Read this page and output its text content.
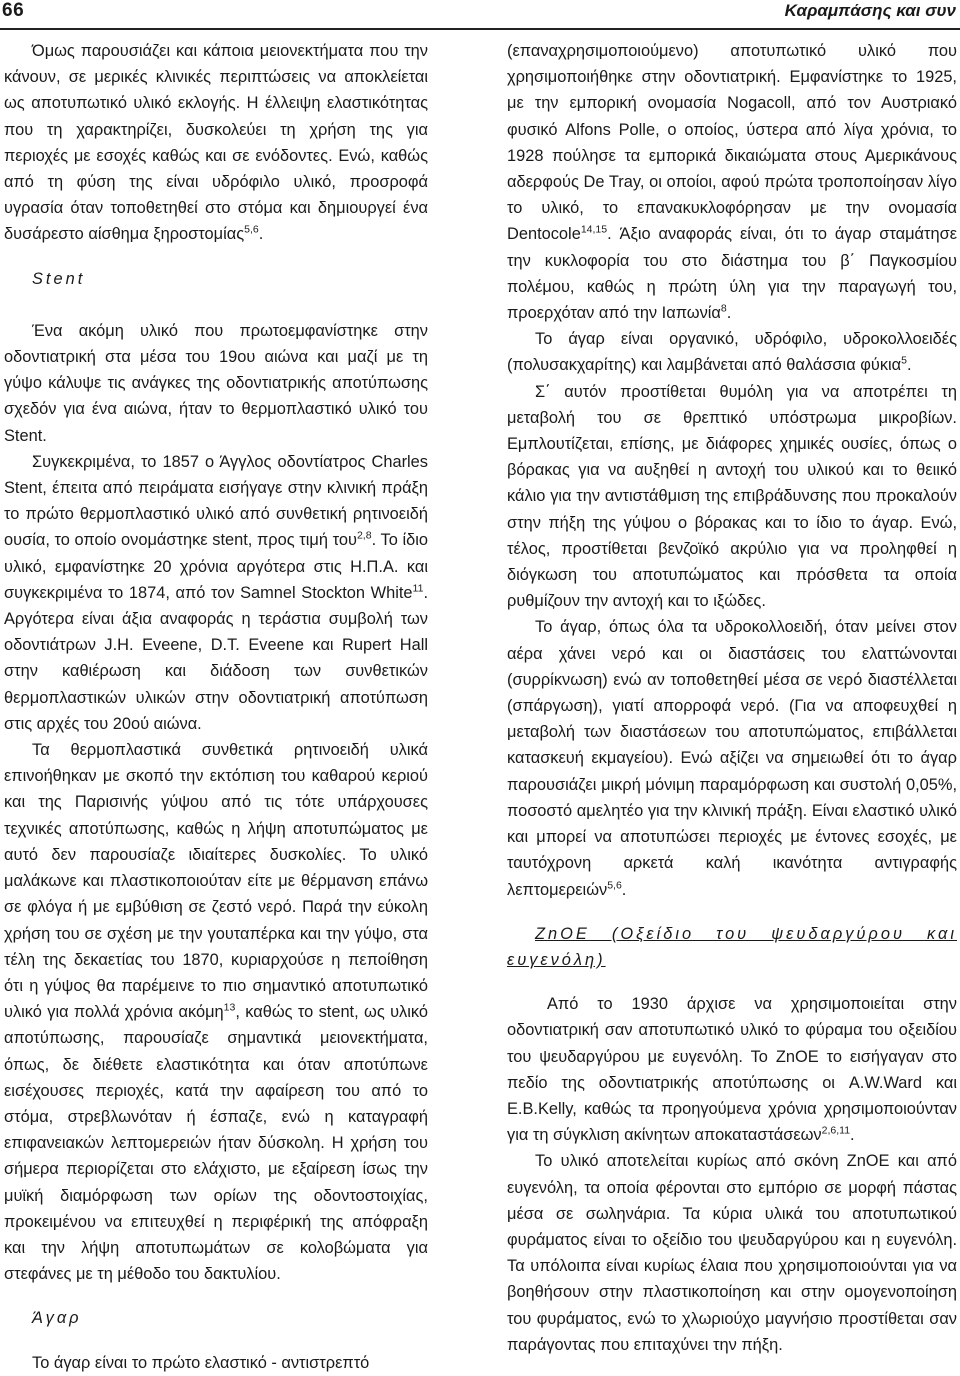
66	Καραμπάσης και συν

Όμως παρουσιάζει και κάποια μειονεκτήματα που την κάνουν, σε μερικές κλινικές περιπτώσεις να αποκλείεται ως αποτυπωτικό υλικό εκλογής. Η έλλειψη ελαστικότητας που τη χαρακτηρίζει, δυσκολεύει τη χρήση της για περιοχές με εσοχές καθώς και σε ενόδοντες. Ενώ, καθώς από τη φύση της είναι υδρόφιλο υλικό, προσροφά υγρασία όταν τοποθετηθεί στο στόμα και δημιουργεί ένα δυσάρεστο αίσθημα ξηροστομίας$^{5,6}$.

Stent

Ένα ακόμη υλικό που πρωτοεμφανίστηκε στην οδοντιατρική στα μέσα του 19ου αιώνα και μαζί με τη γύψο κάλυψε τις ανάγκες της οδοντιατρικής αποτύπωσης σχεδόν για ένα αιώνα, ήταν το θερμοπλαστικό υλικό του Stent.

Συγκεκριμένα, το 1857 ο Άγγλος οδοντίατρος Charles Stent, έπειτα από πειράματα εισήγαγε στην κλινική πράξη το πρώτο θερμοπλαστικό υλικό από συνθετική ρητινοειδή ουσία, το οποίο ονομάστηκε stent, προς τιμή του$^{2,8}$. Το ίδιο υλικό, εμφανίστηκε 20 χρόνια αργότερα στις Η.Π.Α. και συγκεκριμένα το 1874, από τον Samnel Stockton White$^{11}$. Αργότερα είναι άξια αναφοράς η τεράστια συμβολή των οδοντιάτρων J.H. Eveene, D.T. Eveene και Rupert Hall στην καθιέρωση και διάδοση των συνθετικών θερμοπλαστικών υλικών στην οδοντιατρική αποτύπωση στις αρχές του 20ού αιώνα.

Τα θερμοπλαστικά συνθετικά ρητινοειδή υλικά επινοήθηκαν με σκοπό την εκτόπιση του καθαρού κεριού και της Παρισινής γύψου από τις τότε υπάρχουσες τεχνικές αποτύπωσης, καθώς η λήψη αποτυπώματος με αυτό δεν παρουσίαζε ιδιαίτερες δυσκολίες. Το υλικό μαλάκωνε και πλαστικοποιούταν είτε με θέρμανση επάνω σε φλόγα ή με εμβύθιση σε ζεστό νερό. Παρά την εύκολη χρήση του σε σχέση με την γουταπέρκα και την γύψο, στα τέλη της δεκαετίας του 1870, κυριαρχούσε η πεποίθηση ότι η γύψος θα παρέμεινε το πιο σημαντικό αποτυπωτικό υλικό για πολλά χρόνια ακόμη$^{13}$, καθώς το stent, ως υλικό αποτύπωσης, παρουσίαζε σημαντικά μειονεκτήματα, όπως, δε διέθετε ελαστικότητα και όταν αποτύπωνε εισέχουσες περιοχές, κατά την αφαίρεση του από το στόμα, στρεβλωνόταν ή έσπαζε, ενώ η καταγραφή επιφανειακών λεπτομερειών ήταν δύσκολη. Η χρήση του σήμερα περιορίζεται στο ελάχιστο, με εξαίρεση ίσως την μυϊκή διαμόρφωση των ορίων της οδοντοστοιχίας, προκειμένου να επιτευχθεί η περιφέρική της απόφραξη και την λήψη αποτυπωμάτων σε κολοβώματα για στεφάνες με τη μέθοδο του δακτυλίου.

Άγαρ

Το άγαρ είναι το πρώτο ελαστικό - αντιστρεπτό

(επαναχρησιμοποιούμενο) αποτυπωτικό υλικό που χρησιμοποιήθηκε στην οδοντιατρική. Εμφανίστηκε το 1925, με την εμπορική ονομασία Nogacoll, από τον Αυστριακό φυσικό Alfons Polle, ο οποίος, ύστερα από λίγα χρόνια, το 1928 πούλησε τα εμπορικά δικαιώματα στους Αμερικάνους αδερφούς De Tray, οι οποίοι, αφού πρώτα τροποποίησαν λίγο το υλικό, το επανακυκλοφόρησαν με την ονομασία Dentocole$^{14,15}$. Άξιο αναφοράς είναι, ότι το άγαρ σταμάτησε την κυκλοφορία του στο διάστημα του β΄ Παγκοσμίου πολέμου, καθώς η πρώτη ύλη για την παραγωγή του, προερχόταν από την Ιαπωνία$^8$.

Το άγαρ είναι οργανικό, υδρόφιλο, υδροκολλοειδές (πολυσακχαρίτης) και λαμβάνεται από θαλάσσια φύκια$^5$.

Σ΄ αυτόν προστίθεται θυμόλη για να αποτρέπει τη μεταβολή του σε θρεπτικό υπόστρωμα μικροβίων. Εμπλουτίζεται, επίσης, με διάφορες χημικές ουσίες, όπως ο βόρακας για να αυξηθεί η αντοχή του υλικού και το θειικό κάλιο για την αντιστάθμιση της επιβράδυνσης που προκαλούν στην πήξη της γύψου ο βόρακας και το ίδιο το άγαρ. Ενώ, τέλος, προστίθεται βενζοϊκό ακρύλιο για να προληφθεί η διόγκωση του αποτυπώματος και πρόσθετα τα οποία ρυθμίζουν την αντοχή και το ιξώδες.

Το άγαρ, όπως όλα τα υδροκολλοειδή, όταν μείνει στον αέρα χάνει νερό και οι διαστάσεις του ελαττώνονται (συρρίκνωση) ενώ αν τοποθετηθεί μέσα σε νερό διαστέλλεται (σπάργωση), γιατί απορροφά νερό. (Για να αποφευχθεί η μεταβολή των διαστάσεων του αποτυπώματος, επιβάλλεται κατασκευή εκμαγείου). Ενώ αξίζει να σημειωθεί ότι το άγαρ παρουσιάζει μικρή μόνιμη παραμόρφωση και συστολή 0,05%, ποσοστό αμελητέο για την κλινική πράξη. Είναι ελαστικό υλικό και μπορεί να αποτυπώσει περιοχές με έντονες εσοχές, με ταυτόχρονη αρκετά καλή ικανότητα αντιγραφής λεπτομερειών$^{5,6}$.

ZnOE (Οξείδιο του ψευδαργύρου και ευγενόλη)

Από το 1930 άρχισε να χρησιμοποιείται στην οδοντιατρική σαν αποτυπωτικό υλικό το φύραμα του οξειδίου του ψευδαργύρου με ευγενόλη. Το ZnOE το εισήγαγαν στο πεδίο της οδοντιατρικής αποτύπωσης οι A.W.Ward και E.B.Kelly, καθώς τα προηγούμενα χρόνια χρησιμοποιούνταν για τη σύγκλιση ακίνητων αποκαταστάσεων$^{2,6,11}$.

Το υλικό αποτελείται κυρίως από σκόνη ZnOE και από ευγενόλη, τα οποία φέρονται στο εμπόριο σε μορφή πάστας μέσα σε σωληνάρια. Τα κύρια υλικά του αποτυπωτικού φυράματος είναι το οξείδιο του ψευδαργύρου και η ευγενόλη. Τα υπόλοιπα είναι κυρίως έλαια που χρησιμοποιούνται για να βοηθήσουν στην πλαστικοποίηση και στην ομογενοποίηση του φυράματος, ενώ το χλωριούχο μαγνήσιο προστίθεται σαν παράγοντας που επιταχύνει την πήξη.
